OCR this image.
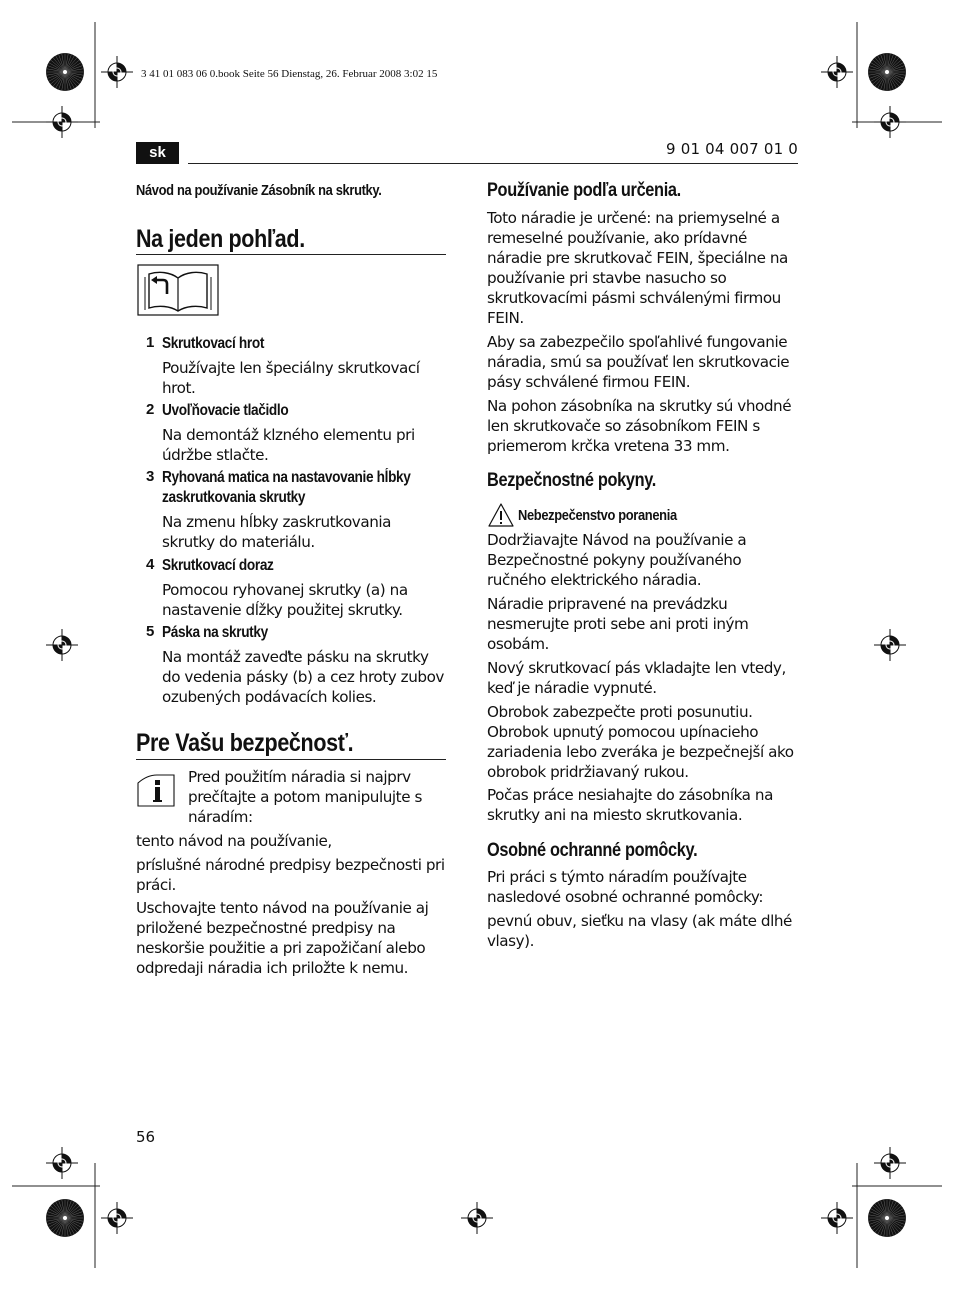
3 41 01 083 06 0.book Seite 56 Dienstag, 26. Februar 2008 3:02 15
sk	9 01 04 007 01 0
Návod na používanie Zásobník na skrutky.
Na jeden pohľad.
1 Skrutkovací hrot

Používajte len špeciálny skrutkovací hrot.

2 Uvoľňovacie tlačidlo

Na demontáž klzného elementu pri údržbe stlačte.

3 Ryhovaná matica na nastavovanie hĺbky zaskrutkovania skrutky

Na zmenu hĺbky zaskrutkovania skrutky do materiálu.

4 Skrutkovací doraz

Pomocou ryhovanej skrutky (a) na nastavenie dĺžky použitej skrutky.

5 Páska na skrutky

Na montáž zaveďte pásku na skrutky do vedenia pásky (b) a cez hroty zubov ozubených podávacích kolies.

Pre Vašu bezpečnosť.

Pred použitím náradia si najprv prečítajte a potom manipulujte s náradím:

tento návod na používanie,

príslušné národné predpisy bezpečnosti pri práci.

Uschovajte tento návod na používanie aj priložené bezpečnostné predpisy na neskoršie použitie a pri zapožičaní alebo odpredaji náradia ich priložte k nemu.

Používanie podľa určenia.

Toto náradie je určené: na priemyselné a remeselné používanie, ako prídavné náradie pre skrutkovač FEIN, špeciálne na používanie pri stavbe nasucho so skrutkovacími pásmi schválenými firmou FEIN.

Aby sa zabezpečilo spoľahlivé fungovanie náradia, smú sa používať len skrutkovacie pásy schválené firmou FEIN.

Na pohon zásobníka na skrutky sú vhodné len skrutkovače so zásobníkom FEIN s priemerom krčka vretena 33 mm.

Bezpečnostné pokyny.
Nebezpečenstvo poranenia

Dodržiavajte Návod na používanie a Bezpečnostné pokyny používaného ručného elektrického náradia.

Náradie pripravené na prevádzku nesmerujte proti sebe ani proti iným osobám.

Nový skrutkovací pás vkladajte len vtedy, keď je náradie vypnuté.

Obrobok zabezpečte proti posunutiu. Obrobok upnutý pomocou upínacieho zariadenia lebo zveráka je bezpečnejší ako obrobok pridržiavaný rukou.

Počas práce nesiahajte do zásobníka na skrutky ani na miesto skrutkovania.

Osobné ochranné pomôcky.

Pri práci s týmto náradím používajte nasledové osobné ochranné pomôcky:

pevnú obuv, sieťku na vlasy (ak máte dlhé vlasy).

56
